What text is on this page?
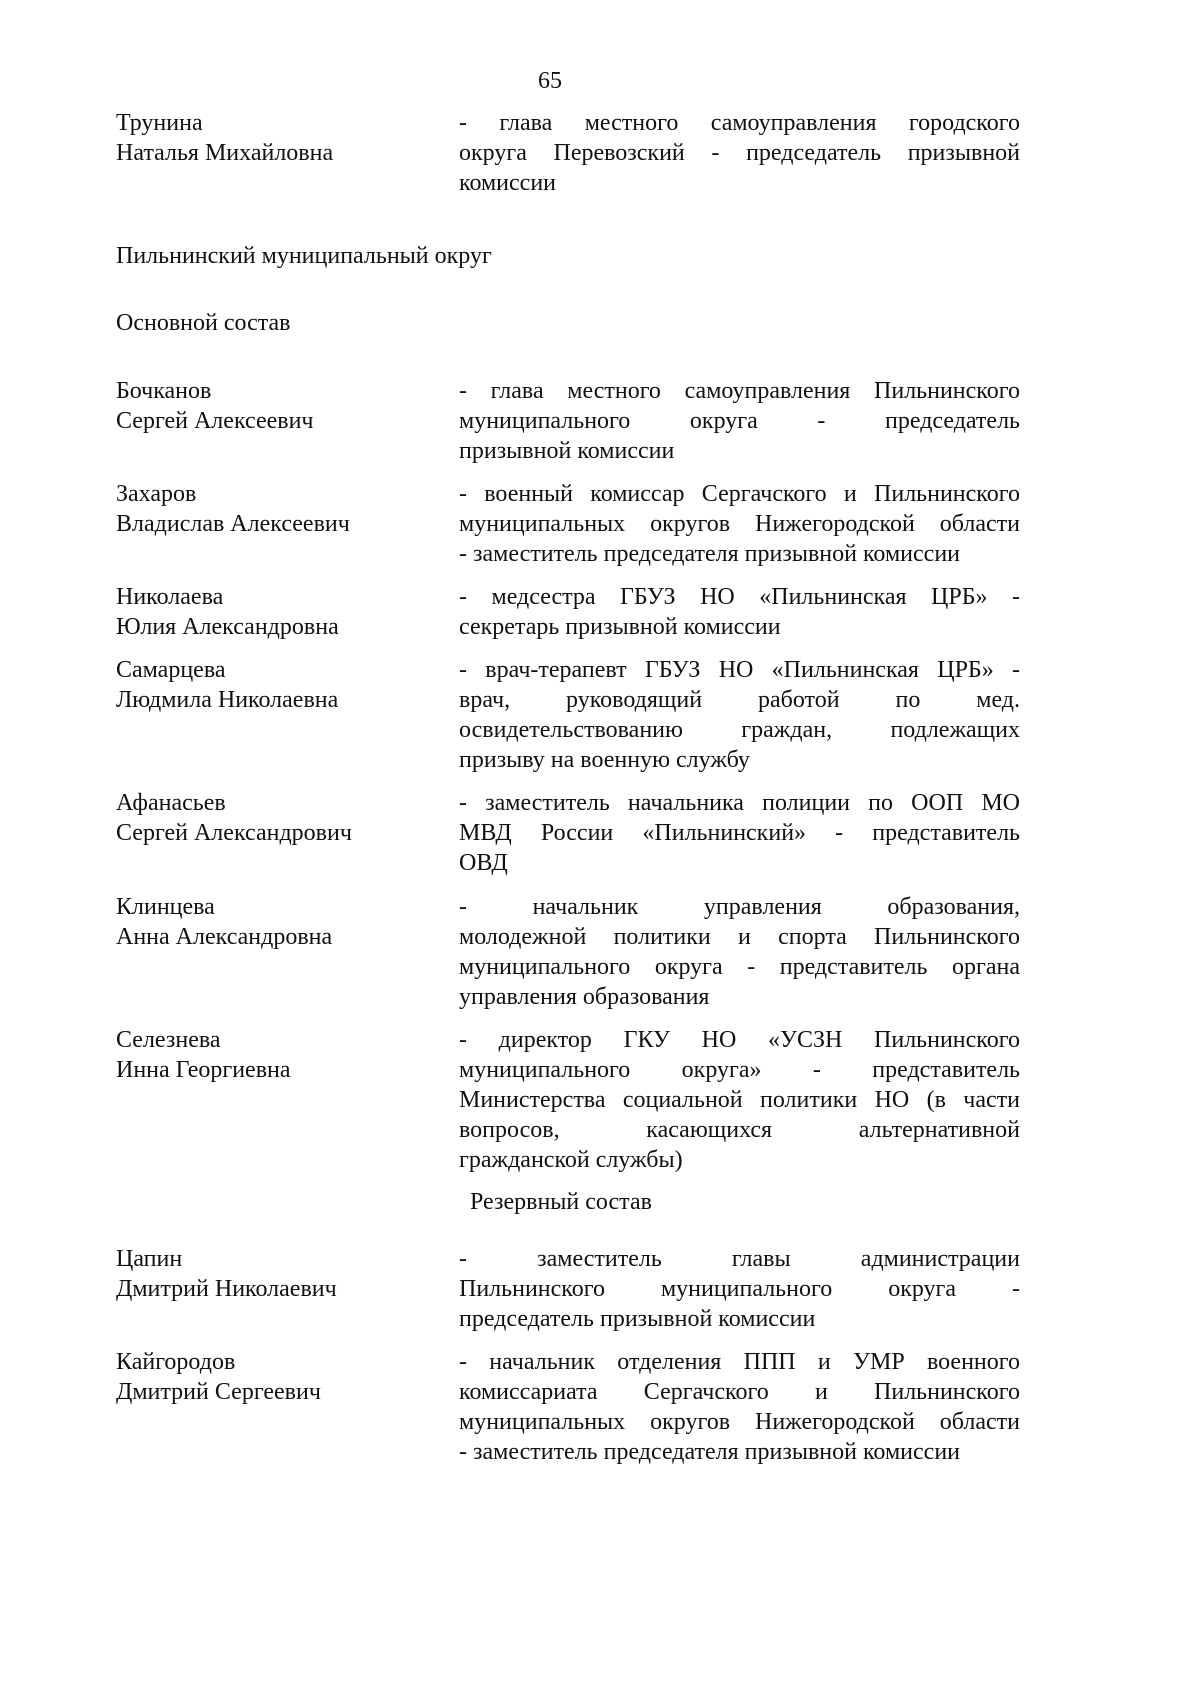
65
Трунина
Наталья Михайловна
- глава местного самоуправления городского
округа Перевозский - председатель призывной
комиссии
Пильнинский муниципальный округ
Основной состав
Бочканов
Сергей Алексеевич
- глава местного самоуправления Пильнинского
муниципального округа - председатель
призывной комиссии
Захаров
Владислав Алексеевич
- военный комиссар Сергачского и Пильнинского
муниципальных округов Нижегородской области
- заместитель председателя призывной комиссии
Николаева
Юлия Александровна
- медсестра ГБУЗ НО «Пильнинская ЦРБ» -
секретарь призывной комиссии
Самарцева
Людмила Николаевна
- врач-терапевт ГБУЗ НО «Пильнинская ЦРБ» -
врач, руководящий работой по мед.
освидетельствованию граждан, подлежащих
призыву на военную службу
Афанасьев
Сергей Александрович
- заместитель начальника полиции по ООП МО
МВД России «Пильнинский» - представитель
ОВД
Клинцева
Анна Александровна
- начальник управления образования,
молодежной политики и спорта Пильнинского
муниципального округа - представитель органа
управления образования
Селезнева
Инна Георгиевна
- директор ГКУ НО «УСЗН Пильнинского
муниципального округа» - представитель
Министерства социальной политики НО (в части
вопросов, касающихся альтернативной
гражданской службы)
Резервный состав
Цапин
Дмитрий Николаевич
- заместитель главы администрации
Пильнинского муниципального округа -
председатель призывной комиссии
Кайгородов
Дмитрий Сергеевич
- начальник отделения ППП и УМР военного
комиссариата Сергачского и Пильнинского
муниципальных округов Нижегородской области
- заместитель председателя призывной комиссии
